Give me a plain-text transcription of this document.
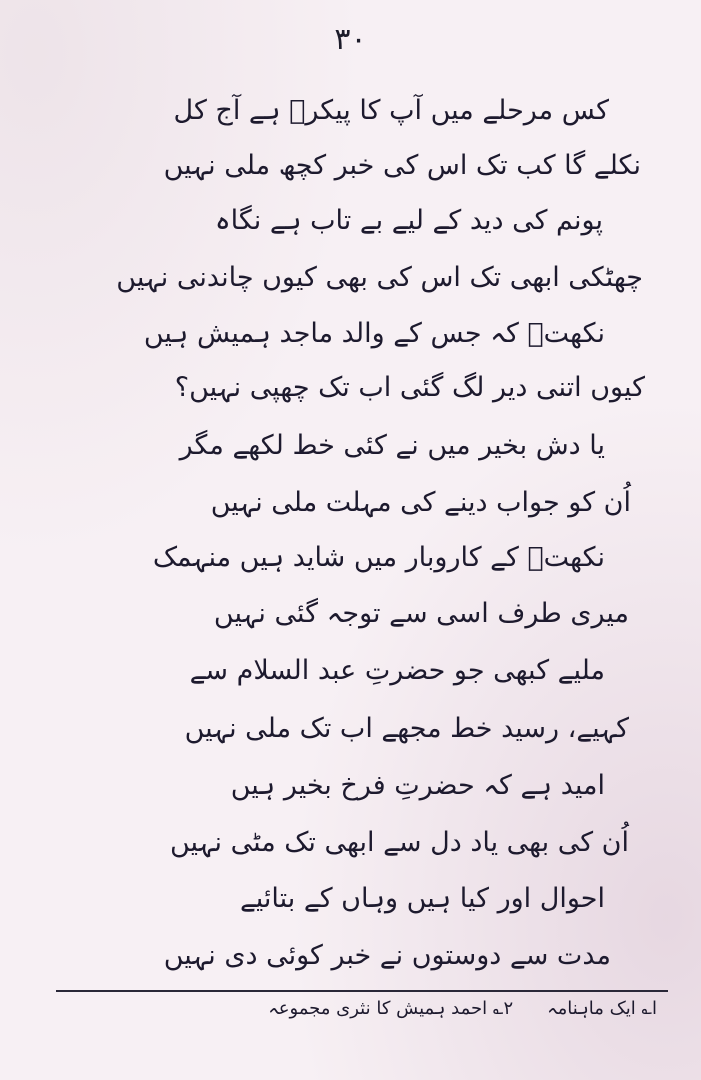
۳۰
کس مرحلے میں آپ کا پیکرؔ ہے آج کل
نکلے گا کب تک اس کی خبر کچھ ملی نہیں
پونم کی دید کے لیے بے تاب ہے نگاہ
چھٹکی ابھی تک اس کی بھی کیوں چاندنی نہیں
نکھتؔ کہ جس کے والد ماجد ہمیش ہیں
کیوں اتنی دیر لگ گئی اب تک چھپی نہیں؟
یا دش بخیر میں نے کئی خط لکھے مگر
اُن کو جواب دینے کی مہلت ملی نہیں
نکھتؔ کے کاروبار میں شاید ہیں منہمک
میری طرف اسی سے توجہ گئی نہیں
ملیے کبھی جو حضرتِ عبد السلام سے
کہیے، رسید خط مجھے اب تک ملی نہیں
امید ہے کہ حضرتِ فرخ بخیر ہیں
اُن کی بھی یاد دل سے ابھی تک مٹی نہیں
احوال اور کیا ہیں وہاں کے بتائیے
مدت سے دوستوں نے خبر کوئی دی نہیں
ا؎ ایک ماہنامہ
۲؎ احمد ہمیش کا نثری مجموعہ
